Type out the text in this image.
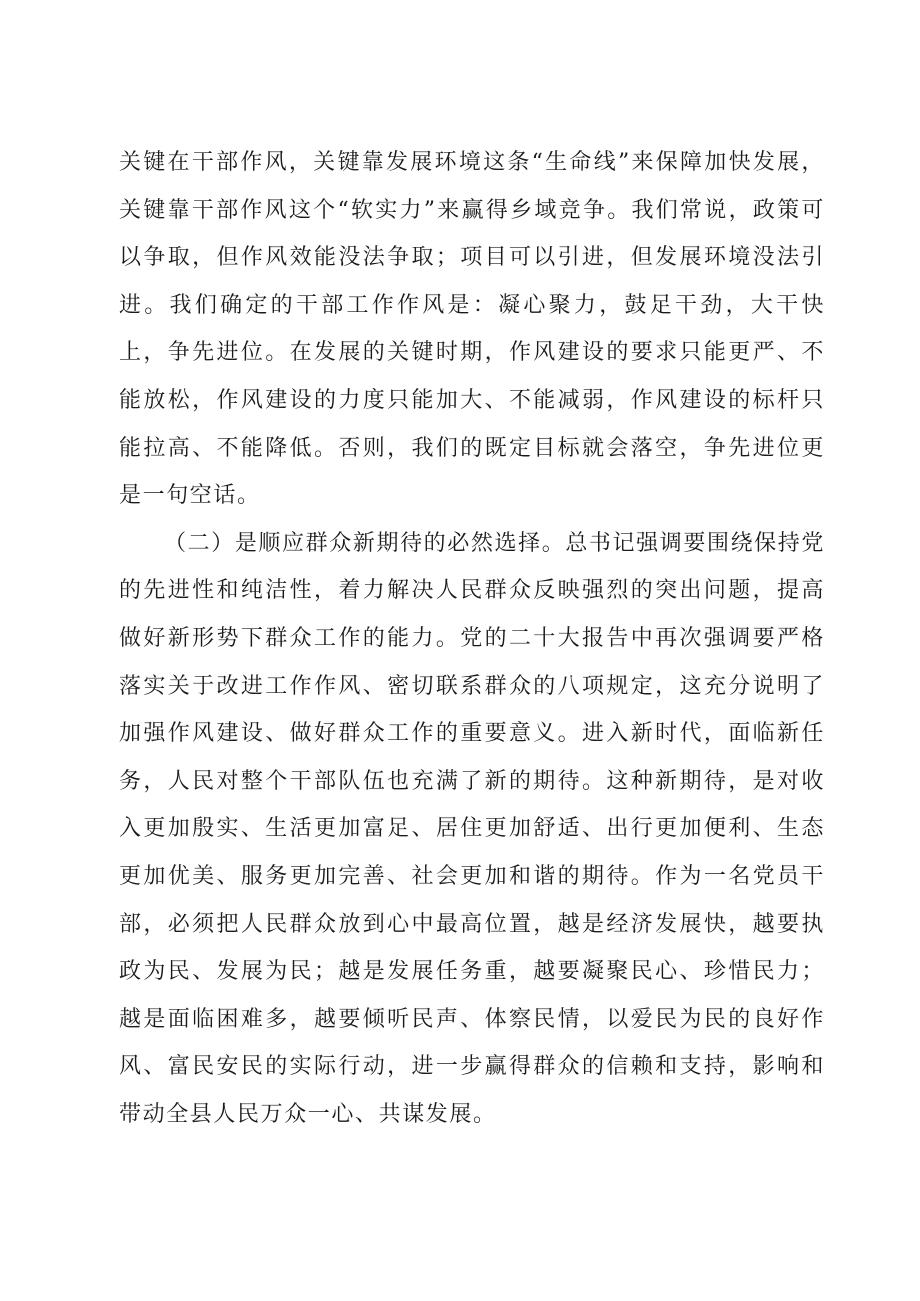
关键在干部作风，关键靠发展环境这条“生命线”来保障加快发展，关键靠干部作风这个“软实力”来赢得乡域竞争。我们常说，政策可以争取，但作风效能没法争取；项目可以引进，但发展环境没法引进。我们确定的干部工作作风是：凝心聚力，鼓足干劲，大干快上，争先进位。在发展的关键时期，作风建设的要求只能更严、不能放松，作风建设的力度只能加大、不能减弱，作风建设的标杆只能拉高、不能降低。否则，我们的既定目标就会落空，争先进位更是一句空话。

（二）是顺应群众新期待的必然选择。总书记强调要围绕保持党的先进性和纯洁性，着力解决人民群众反映强烈的突出问题，提高做好新形势下群众工作的能力。党的二十大报告中再次强调要严格落实关于改进工作作风、密切联系群众的八项规定，这充分说明了加强作风建设、做好群众工作的重要意义。进入新时代，面临新任务，人民对整个干部队伍也充满了新的期待。这种新期待，是对收入更加殷实、生活更加富足、居住更加舒适、出行更加便利、生态更加优美、服务更加完善、社会更加和谐的期待。作为一名党员干部，必须把人民群众放到心中最高位置，越是经济发展快，越要执政为民、发展为民；越是发展任务重，越要凝聚民心、珍惜民力；越是面临困难多，越要倾听民声、体察民情，以爱民为民的良好作风、富民安民的实际行动，进一步赢得群众的信赖和支持，影响和带动全县人民万众一心、共谋发展。
